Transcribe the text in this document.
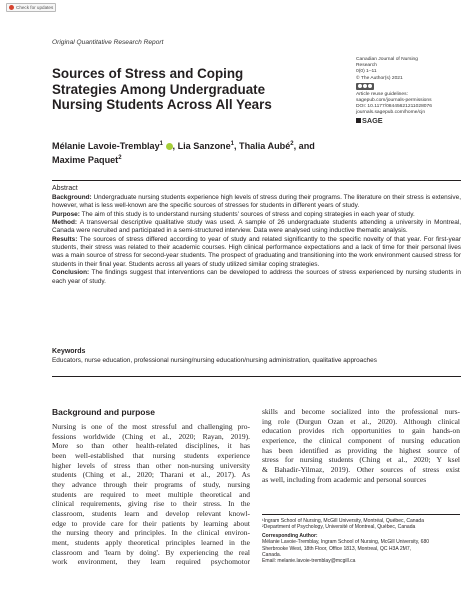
Check for updates
Original Quantitative Research Report
Sources of Stress and Coping
Strategies Among Undergraduate
Nursing Students Across All Years
Mélanie Lavoie-Tremblay$^1$ , Lia Sanzone$^1$, Thalia Aubé$^2$, and
Maxime Paquet$^2$
Canadian Journal of Nursing
Research
0(0) 1–11
© The Author(s) 2021
Article reuse guidelines:
sagepub.com/journals-permissions
DOI: 10.1177/08445621211028076
journals.sagepub.com/home/cjn
SAGE
Abstract

Background: Undergraduate nursing students experience high levels of stress during their programs. The literature on their stress is extensive, however, what is less well-known are the specific sources of stresses for students in different years of study.

Purpose: The aim of this study is to understand nursing students' sources of stress and coping strategies in each year of study.

Method: A transversal descriptive qualitative study was used. A sample of 26 undergraduate students attending a university in Montreal, Canada were recruited and participated in a semi-structured interview. Data were analysed using inductive thematic analysis.

Results: The sources of stress differed according to year of study and related significantly to the specific novelty of that year. For first-year students, their stress was related to their academic courses. High clinical performance expectations and a lack of time for their personal lives was a main source of stress for second-year students. The prospect of graduating and transitioning into the work environment caused stress for students in their final year. Students across all years of study utilized similar coping strategies.

Conclusion: The findings suggest that interventions can be developed to address the sources of stress experienced by nursing students in each year of study.

Keywords
Educators, nurse education, professional nursing/nursing education/nursing administration, qualitative approaches
Background and purpose
Nursing is one of the most stressful and challenging pro-
fessions worldwide (Ching et al., 2020; Rayan, 2019).
More so than other health-related disciplines, it has
been well-established that nursing students experience
higher levels of stress than other non-nursing university
students (Ching et al., 2020; Tharani et al., 2017). As
they advance through their programs of study, nursing
students are required to meet multiple theoretical and
clinical requirements, giving rise to their stress. In the
classroom, students learn and develop relevant knowl-
edge to provide care for their patients by learning about
the nursing theory and principles. In the clinical environ-
ment, students apply theoretical principles learned in the
classroom and 'learn by doing'. By experiencing the real
work environment, they learn required psychomotor
skills and become socialized into the professional nurs-
ing role (Durgun Ozan et al., 2020). Although clinical
education provides rich opportunities to gain hands-on
experience, the clinical component of nursing education
has been identified as providing the highest source of
stress for nursing students (Ching et al., 2020; Y ksel
& Bahadir-Yilmaz, 2019). Other sources of stress exist
as well, including from academic and personal sources
¹Ingram School of Nursing, McGill University, Montréal, Québec, Canada
²Department of Psychology, Université of Montreal, Québec, Canada
Corresponding Author:
Mélanie Lavoie-Tremblay, Ingram School of Nursing, McGill University, 680
Sherbrooke West, 18th Floor, Office 1813, Montreal, QC H3A 2M7,
Canada.
Email: melanie.lavoie-tremblay@mcgill.ca
